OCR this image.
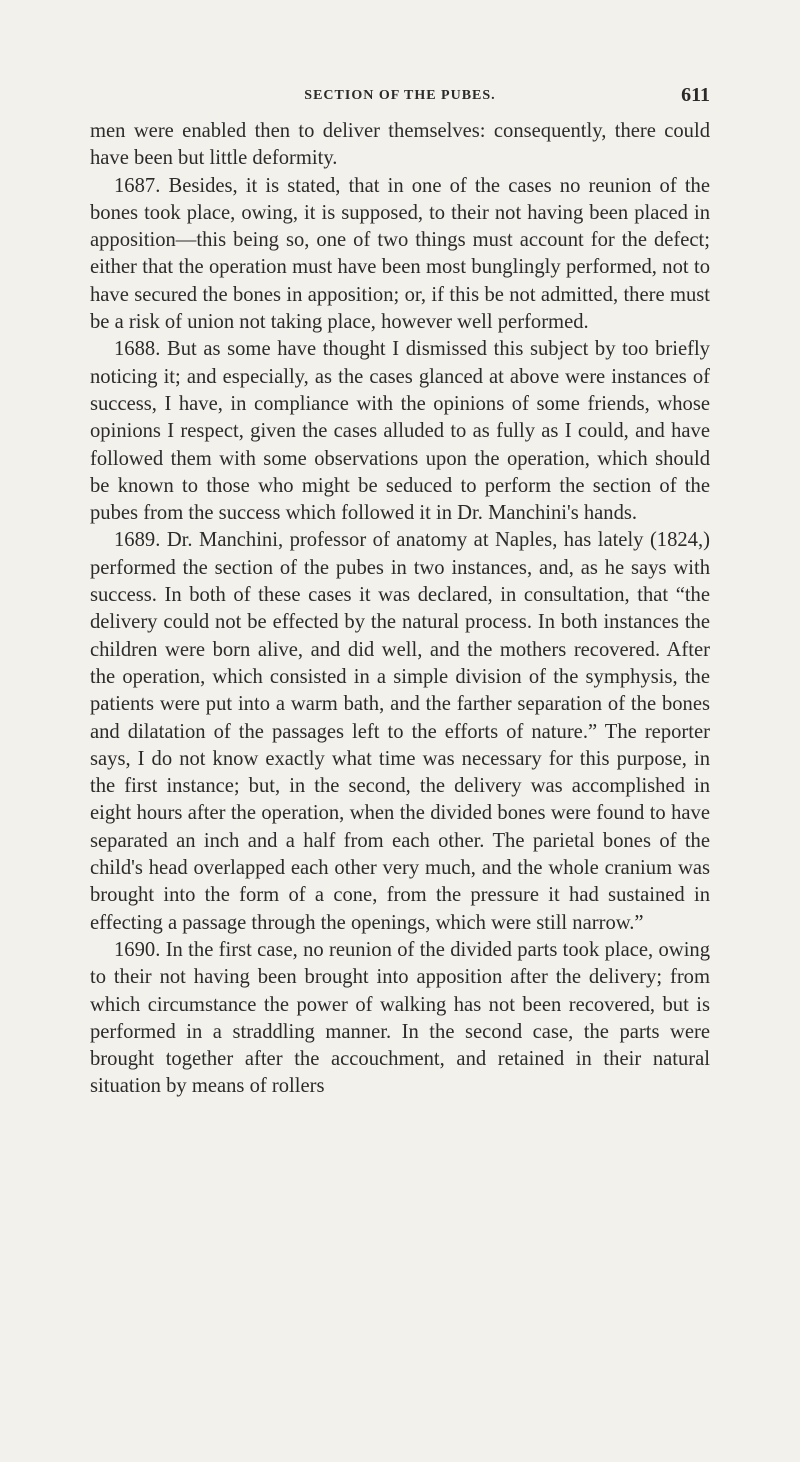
SECTION OF THE PUBES.	611

men were enabled then to deliver themselves: consequently, there could have been but little deformity.

1687. Besides, it is stated, that in one of the cases no reunion of the bones took place, owing, it is supposed, to their not having been placed in apposition—this being so, one of two things must account for the defect; either that the operation must have been most bunglingly performed, not to have secured the bones in apposition; or, if this be not admitted, there must be a risk of union not taking place, however well performed.

1688. But as some have thought I dismissed this subject by too briefly noticing it; and especially, as the cases glanced at above were instances of success, I have, in compliance with the opinions of some friends, whose opinions I respect, given the cases alluded to as fully as I could, and have followed them with some observations upon the operation, which should be known to those who might be seduced to perform the section of the pubes from the success which followed it in Dr. Manchini's hands.

1689. Dr. Manchini, professor of anatomy at Naples, has lately (1824,) performed the section of the pubes in two instances, and, as he says with success. In both of these cases it was declared, in consultation, that “the delivery could not be effected by the natural process. In both instances the children were born alive, and did well, and the mothers recovered. After the operation, which consisted in a simple division of the symphysis, the patients were put into a warm bath, and the farther separation of the bones and dilatation of the passages left to the efforts of nature.” The reporter says, I do not know exactly what time was necessary for this purpose, in the first instance; but, in the second, the delivery was accomplished in eight hours after the operation, when the divided bones were found to have separated an inch and a half from each other. The parietal bones of the child's head overlapped each other very much, and the whole cranium was brought into the form of a cone, from the pressure it had sustained in effecting a passage through the openings, which were still narrow.”

1690. In the first case, no reunion of the divided parts took place, owing to their not having been brought into apposition after the delivery; from which circumstance the power of walking has not been recovered, but is performed in a straddling manner. In the second case, the parts were brought together after the accouchment, and retained in their natural situation by means of rollers
